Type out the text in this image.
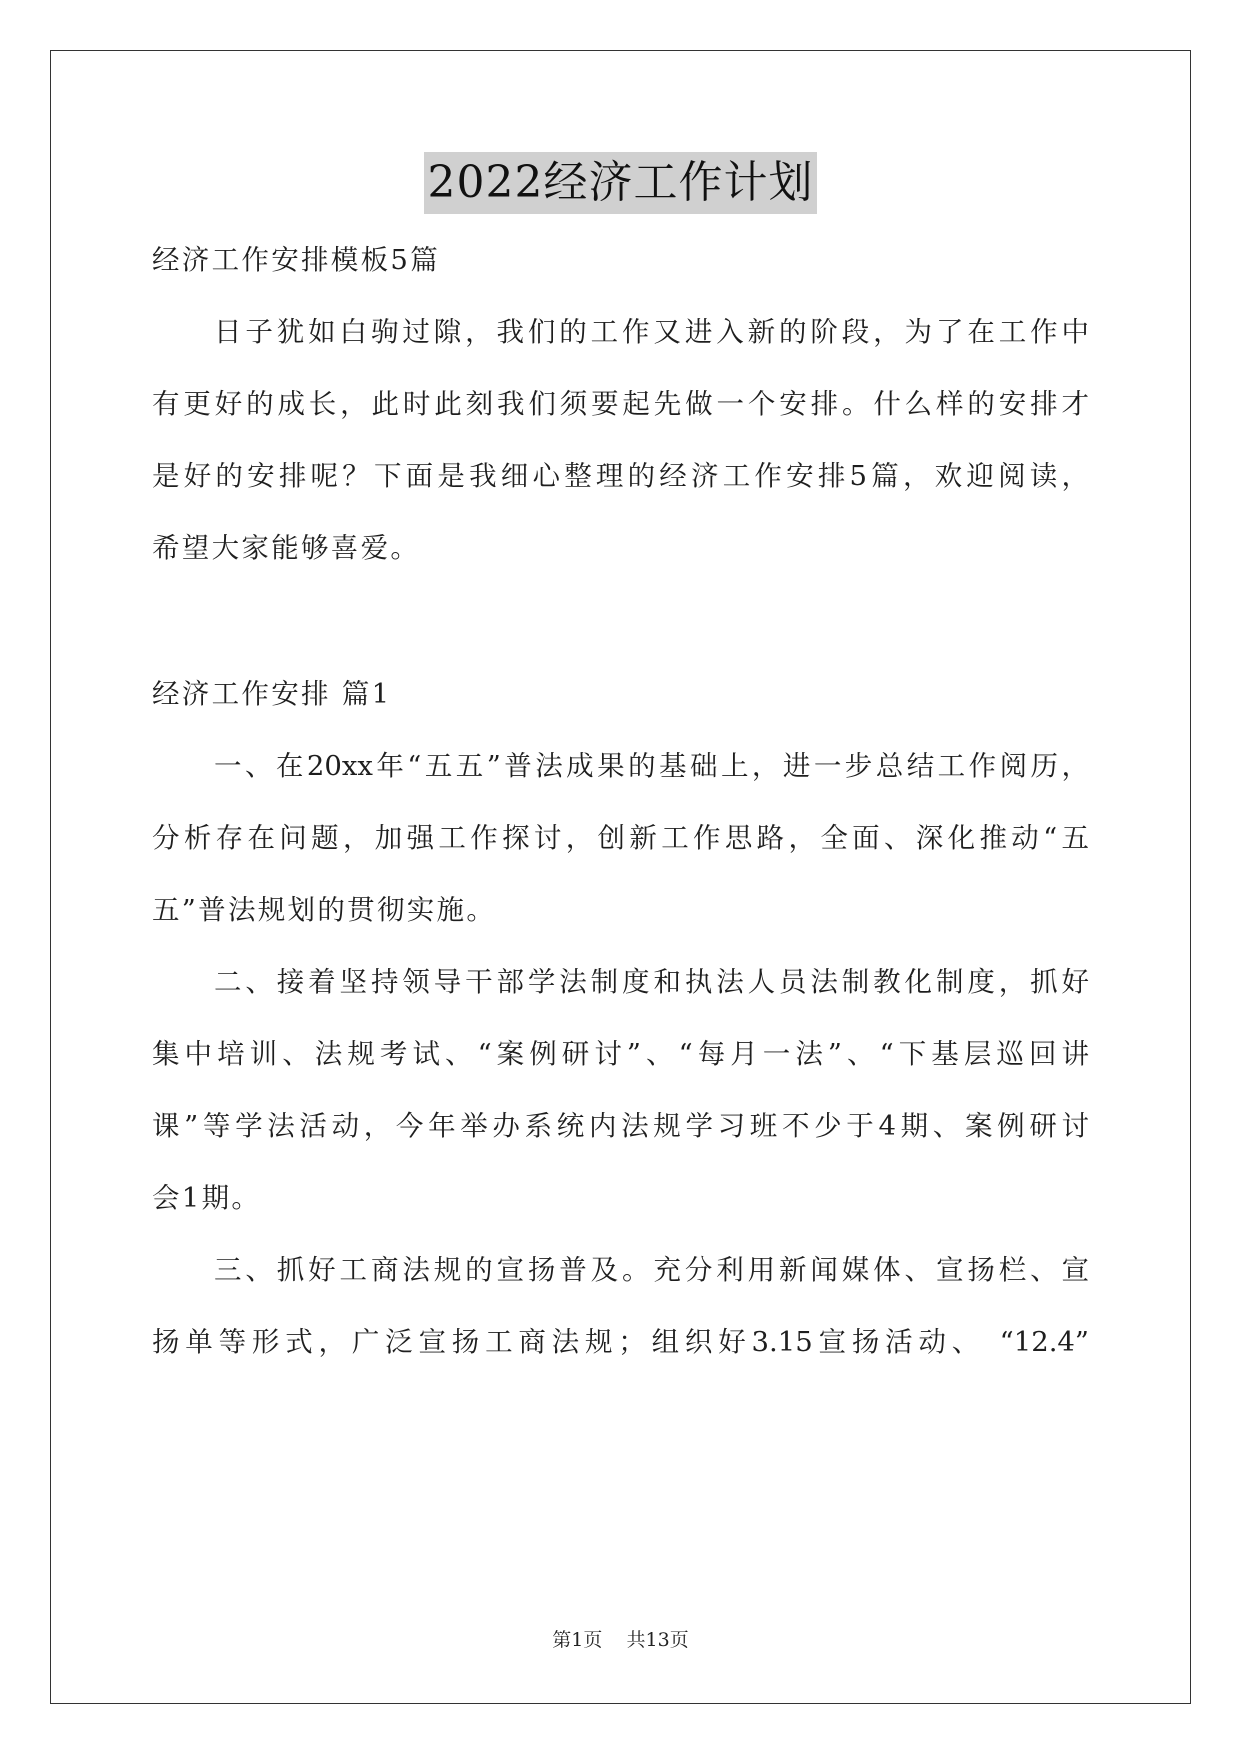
2022经济工作计划
经济工作安排模板5篇
日子犹如白驹过隙，我们的工作又进入新的阶段，为了在工作中
有更好的成长，此时此刻我们须要起先做一个安排。什么样的安排才
是好的安排呢？下面是我细心整理的经济工作安排5篇，欢迎阅读，
希望大家能够喜爱。
经济工作安排 篇1
一、在20xx年“五五”普法成果的基础上，进一步总结工作阅历，
分析存在问题，加强工作探讨，创新工作思路，全面、深化推动“五
五”普法规划的贯彻实施。
二、接着坚持领导干部学法制度和执法人员法制教化制度，抓好
集中培训、法规考试、“案例研讨”、“每月一法”、“下基层巡回讲
课”等学法活动，今年举办系统内法规学习班不少于4期、案例研讨
会1期。
三、抓好工商法规的宣扬普及。充分利用新闻媒体、宣扬栏、宣
扬单等形式，广泛宣扬工商法规；组织好3.15宣扬活动、 “12.4”
第1页 共13页
